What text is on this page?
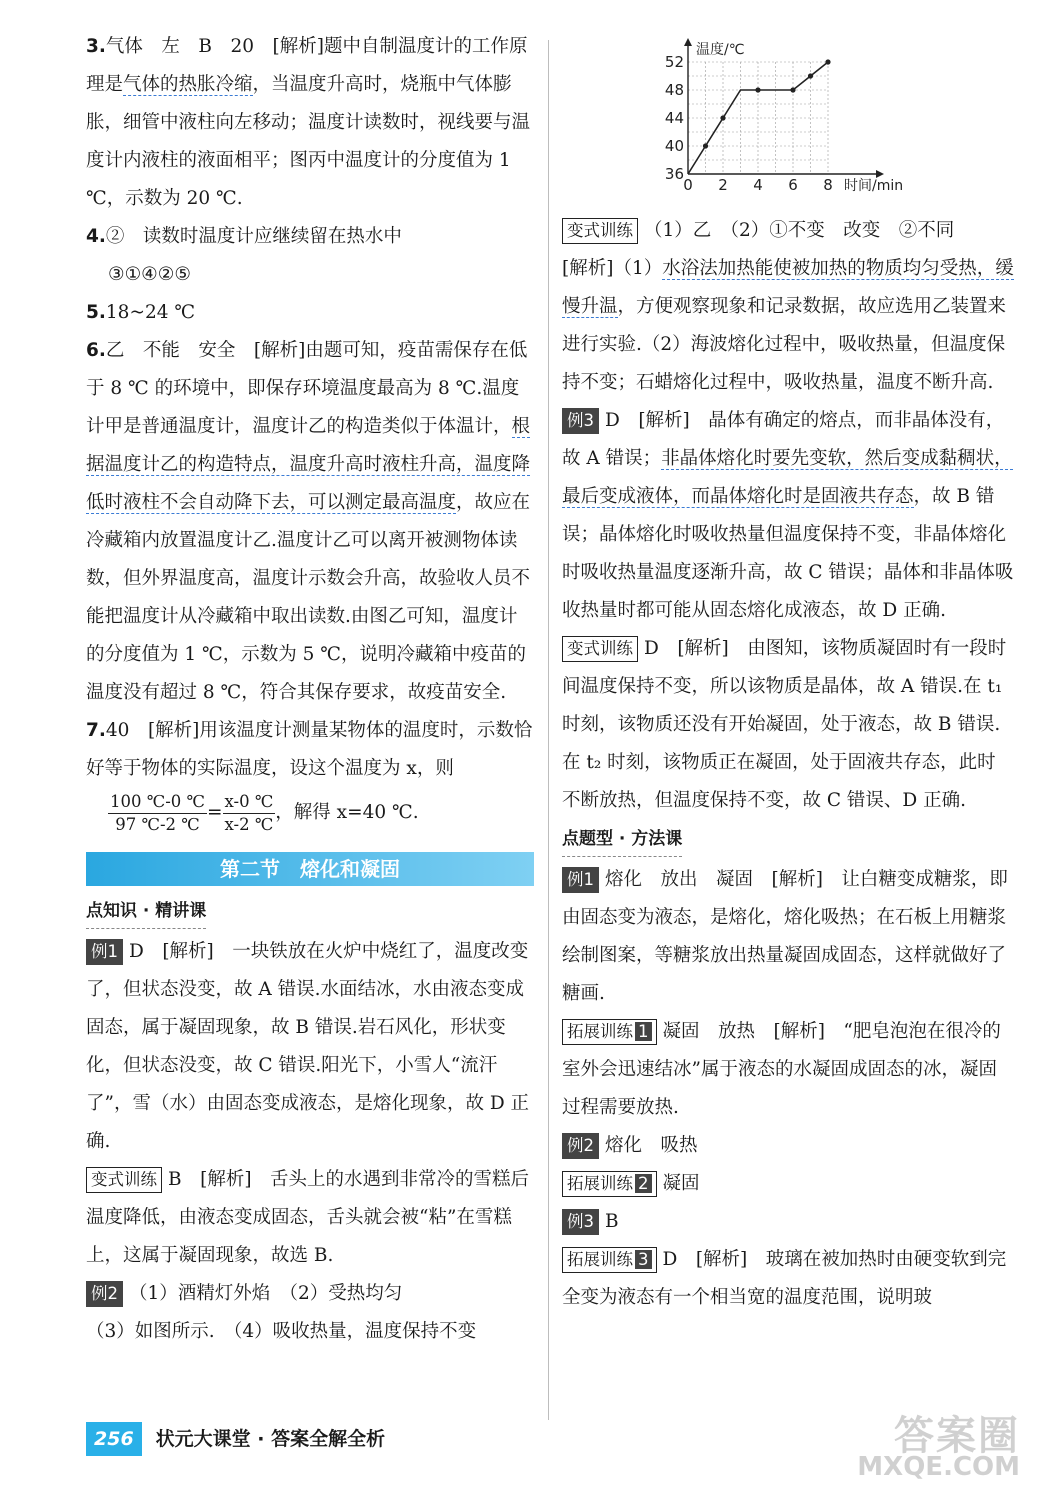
3.气体　左　B　20　[解析]题中自制温度计的工作原理是气体的热胀冷缩，当温度升高时，烧瓶中气体膨胀，细管中液柱向左移动；温度计读数时，视线要与温度计内液柱的液面相平；图丙中温度计的分度值为 1 ℃，示数为 20 ℃.

4.②　读数时温度计应继续留在热水中

③①④②⑤

5.18~24 ℃

6.乙　不能　安全　[解析]由题可知，疫苗需保存在低于 8 ℃ 的环境中，即保存环境温度最高为 8 ℃.温度计甲是普通温度计，温度计乙的构造类似于体温计，根据温度计乙的构造特点，温度升高时液柱升高，温度降低时液柱不会自动降下去，可以测定最高温度，故应在冷藏箱内放置温度计乙.温度计乙可以离开被测物体读数，但外界温度高，温度计示数会升高，故验收人员不能把温度计从冷藏箱中取出读数.由图乙可知，温度计的分度值为 1 ℃，示数为 5 ℃，说明冷藏箱中疫苗的温度没有超过 8 ℃，符合其保存要求，故疫苗安全.

7.40　[解析]用该温度计测量某物体的温度时，示数恰好等于物体的实际温度，设这个温度为 x，则

$\frac{100 ℃-0 ℃}{97 ℃-2 ℃}= \frac{x-0 ℃}{x-2 ℃}$，解得 x=40 ℃.

第二节　熔化和凝固
点知识 · 精讲课

例1 D　[解析]　一块铁放在火炉中烧红了，温度改变了，但状态没变，故 A 错误.水面结冰，水由液态变成固态，属于凝固现象，故 B 错误.岩石风化，形状变化，但状态没变，故 C 错误.阳光下，小雪人“流汗了”，雪（水）由固态变成液态，是熔化现象，故 D 正确.

变式训练 B　[解析]　舌头上的水遇到非常冷的雪糕后温度降低，由液态变成固态，舌头就会被“粘”在雪糕上，这属于凝固现象，故选 B.

例2 （1）酒精灯外焰　（2）受热均匀

（3）如图所示.　（4）吸收热量，温度保持不变

0 2 4 6 8
36
40
44
48
52
温度/℃
时间/min

变式训练 （1）乙　（2）①不变　改变　②不同

[解析]（1）水浴法加热能使被加热的物质均匀受热，缓慢升温，方便观察现象和记录数据，故应选用乙装置来进行实验.（2）海波熔化过程中，吸收热量，但温度保持不变；石蜡熔化过程中，吸收热量，温度不断升高.

例3 D　[解析]　晶体有确定的熔点，而非晶体没有，故 A 错误；非晶体熔化时要先变软，然后变成黏稠状，最后变成液体，而晶体熔化时是固液共存态，故 B 错误；晶体熔化时吸收热量但温度保持不变，非晶体熔化时吸收热量温度逐渐升高，故 C 错误；晶体和非晶体吸收热量时都可能从固态熔化成液态，故 D 正确.

变式训练 D　[解析]　由图知，该物质凝固时有一段时间温度保持不变，所以该物质是晶体，故 A 错误.在 t₁ 时刻，该物质还没有开始凝固，处于液态，故 B 错误.在 t₂ 时刻，该物质正在凝固，处于固液共存态，此时不断放热，但温度保持不变，故 C 错误、D 正确.

点题型 · 方法课

例1 熔化　放出　凝固　[解析]　让白糖变成糖浆，即由固态变为液态，是熔化，熔化吸热；在石板上用糖浆绘制图案，等糖浆放出热量凝固成固态，这样就做好了糖画.

拓展训练 1 凝固　放热　[解析]　“肥皂泡泡在很冷的室外会迅速结冰”属于液态的水凝固成固态的冰，凝固过程需要放热.

例2 熔化　吸热

拓展训练 2 凝固

例3 B

拓展训练 3 D　[解析]　玻璃在被加热时由硬变软到完全变为液态有一个相当宽的温度范围，说明玻

256 状元大课堂 · 答案全解全析	答案圈
MXQE.COM
